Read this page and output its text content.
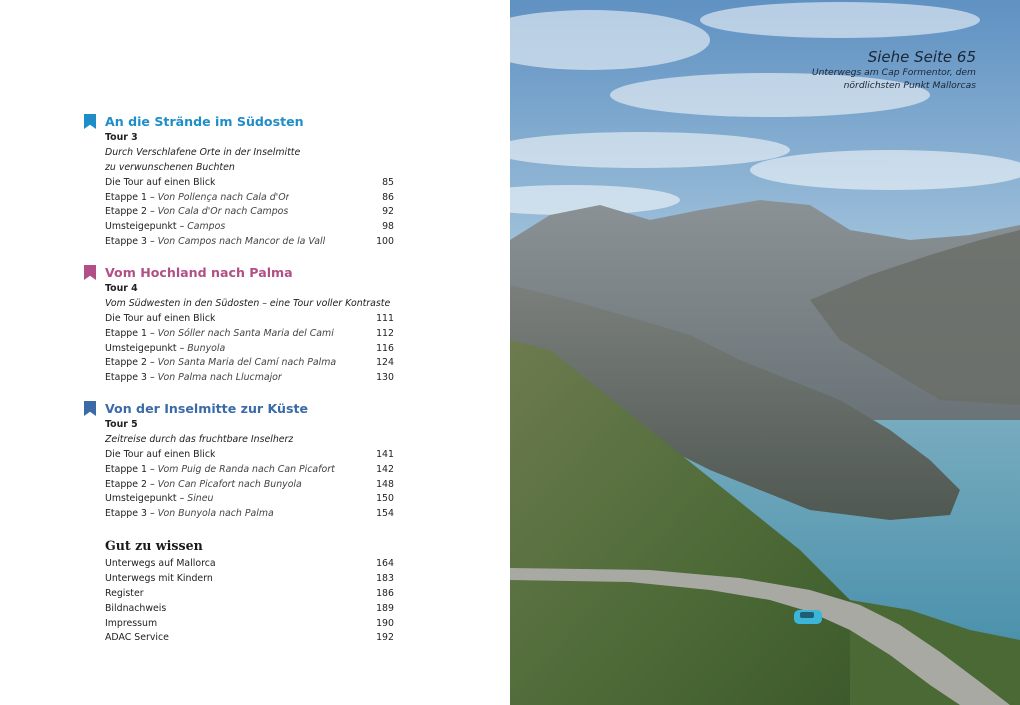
An die Strände im Südosten
Tour 3
Durch Verschlafene Orte in der Inselmitte
zu verwunschenen Buchten
Die Tour auf einen Blick	85
Etappe 1 – Von Pollença nach Cala d'Or	86
Etappe 2 – Von Cala d'Or nach Campos	92
Umsteigepunkt – Campos	98
Etappe 3 – Von Campos nach Mancor de la Vall	100
Vom Hochland nach Palma
Tour 4
Vom Südwesten in den Südosten – eine Tour voller Kontraste
Die Tour auf einen Blick	111
Etappe 1 – Von Sóller nach Santa Maria del Camí	112
Umsteigepunkt – Bunyola	116
Etappe 2 – Von Santa Maria del Camí nach Palma	124
Etappe 3 – Von Palma nach Llucmajor	130
Von der Inselmitte zur Küste
Tour 5
Zeitreise durch das fruchtbare Inselherz
Die Tour auf einen Blick	141
Etappe 1 – Vom Puig de Randa nach Can Picafort	142
Etappe 2 – Von Can Picafort nach Bunyola	148
Umsteigepunkt – Sineu	150
Etappe 3 – Von Bunyola nach Palma	154
Gut zu wissen
Unterwegs auf Mallorca	164
Unterwegs mit Kindern	183
Register	186
Bildnachweis	189
Impressum	190
ADAC Service	192
Siehe Seite 65
Unterwegs am Cap Formentor, dem
nördlichsten Punkt Mallorcas
